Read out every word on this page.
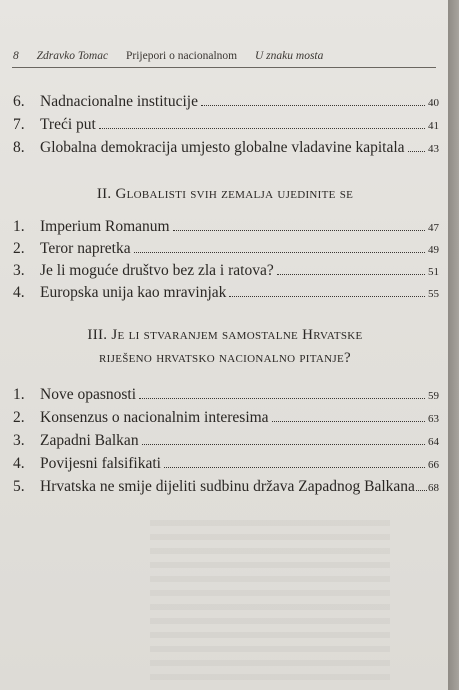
8 Zdravko Tomac Prijepori o nacionalnom U znaku mosta
6. Nadnacionalne institucije	40
7. Treći put	41
8. Globalna demokracija umjesto globalne vladavine kapitala 43
II. Globalisti svih zemalja ujedinite se
1. Imperium Romanum	47
2. Teror napretka	49
3. Je li moguće društvo bez zla i ratova?	51
4. Europska unija kao mravinjak	55
III. Je li stvaranjem samostalne Hrvatske
riješeno hrvatsko nacionalno pitanje?
1. Nove opasnosti	59
2. Konsenzus o nacionalnim interesima	63
3. Zapadni Balkan	64
4. Povijesni falsifikati	66
5. Hrvatska ne smije dijeliti sudbinu država Zapadnog Balkana 68
